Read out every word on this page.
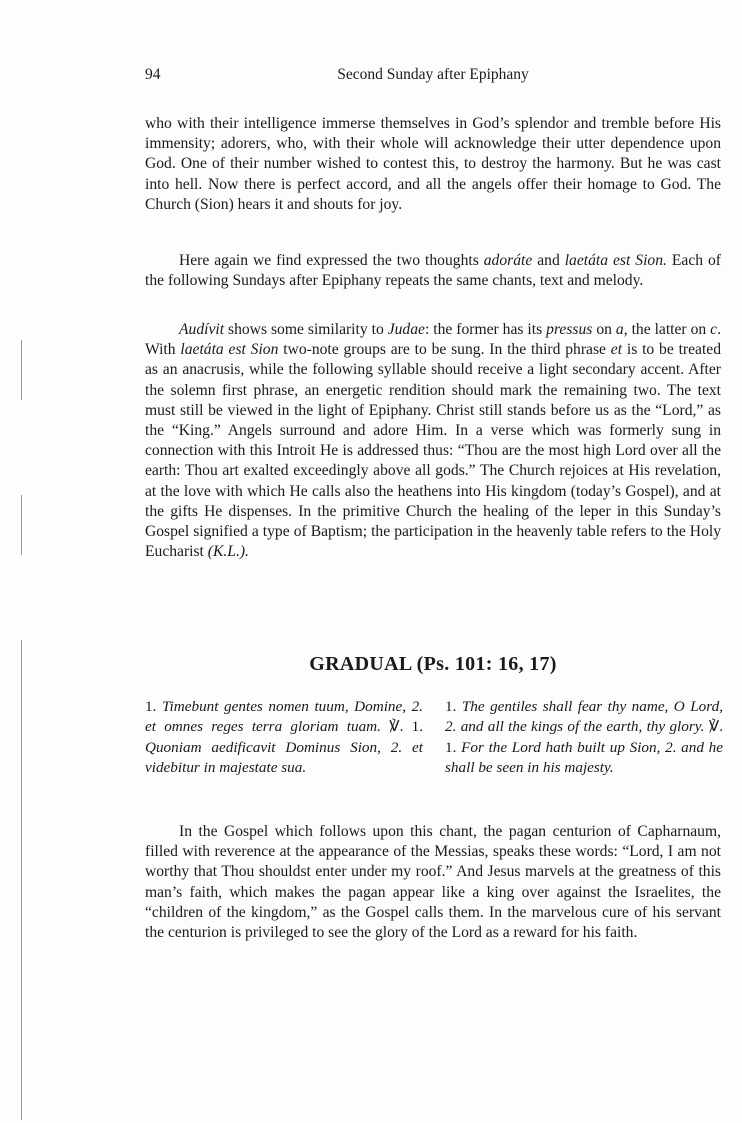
94	Second Sunday after Epiphany

who with their intelligence immerse themselves in God’s splendor and tremble before His immensity; adorers, who, with their whole will acknowledge their utter dependence upon God. One of their number wished to contest this, to destroy the harmony. But he was cast into hell. Now there is perfect accord, and all the angels offer their homage to God. The Church (Sion) hears it and shouts for joy.

Here again we find expressed the two thoughts adoráte and laetáta est Sion. Each of the following Sundays after Epiphany repeats the same chants, text and melody.

Audívit shows some similarity to Judae: the former has its pressus on a, the latter on c. With laetáta est Sion two-note groups are to be sung. In the third phrase et is to be treated as an anacrusis, while the following syllable should receive a light secondary accent. After the solemn first phrase, an energetic rendition should mark the remaining two. The text must still be viewed in the light of Epiphany. Christ still stands before us as the “Lord,” as the “King.” Angels surround and adore Him. In a verse which was formerly sung in connection with this Introit He is addressed thus: “Thou are the most high Lord over all the earth: Thou art exalted exceedingly above all gods.” The Church rejoices at His revelation, at the love with which He calls also the heathens into His kingdom (today’s Gospel), and at the gifts He dispenses. In the primitive Church the healing of the leper in this Sunday’s Gospel signified a type of Baptism; the participation in the heavenly table refers to the Holy Eucharist (K.L.).

GRADUAL (Ps. 101: 16, 17)
1. Timebunt gentes nomen tuum, Domine, 2. et omnes reges terra gloriam tuam. ℣. 1. Quoniam aedificavit Dominus Sion, 2. et videbitur in majestate sua.
1. The gentiles shall fear thy name, O Lord, 2. and all the kings of the earth, thy glory. ℣. 1. For the Lord hath built up Sion, 2. and he shall be seen in his majesty.

In the Gospel which follows upon this chant, the pagan centurion of Capharnaum, filled with reverence at the appearance of the Messias, speaks these words: “Lord, I am not worthy that Thou shouldst enter under my roof.” And Jesus marvels at the greatness of this man’s faith, which makes the pagan appear like a king over against the Israelites, the “children of the kingdom,” as the Gospel calls them. In the marvelous cure of his servant the centurion is privileged to see the glory of the Lord as a reward for his faith.
